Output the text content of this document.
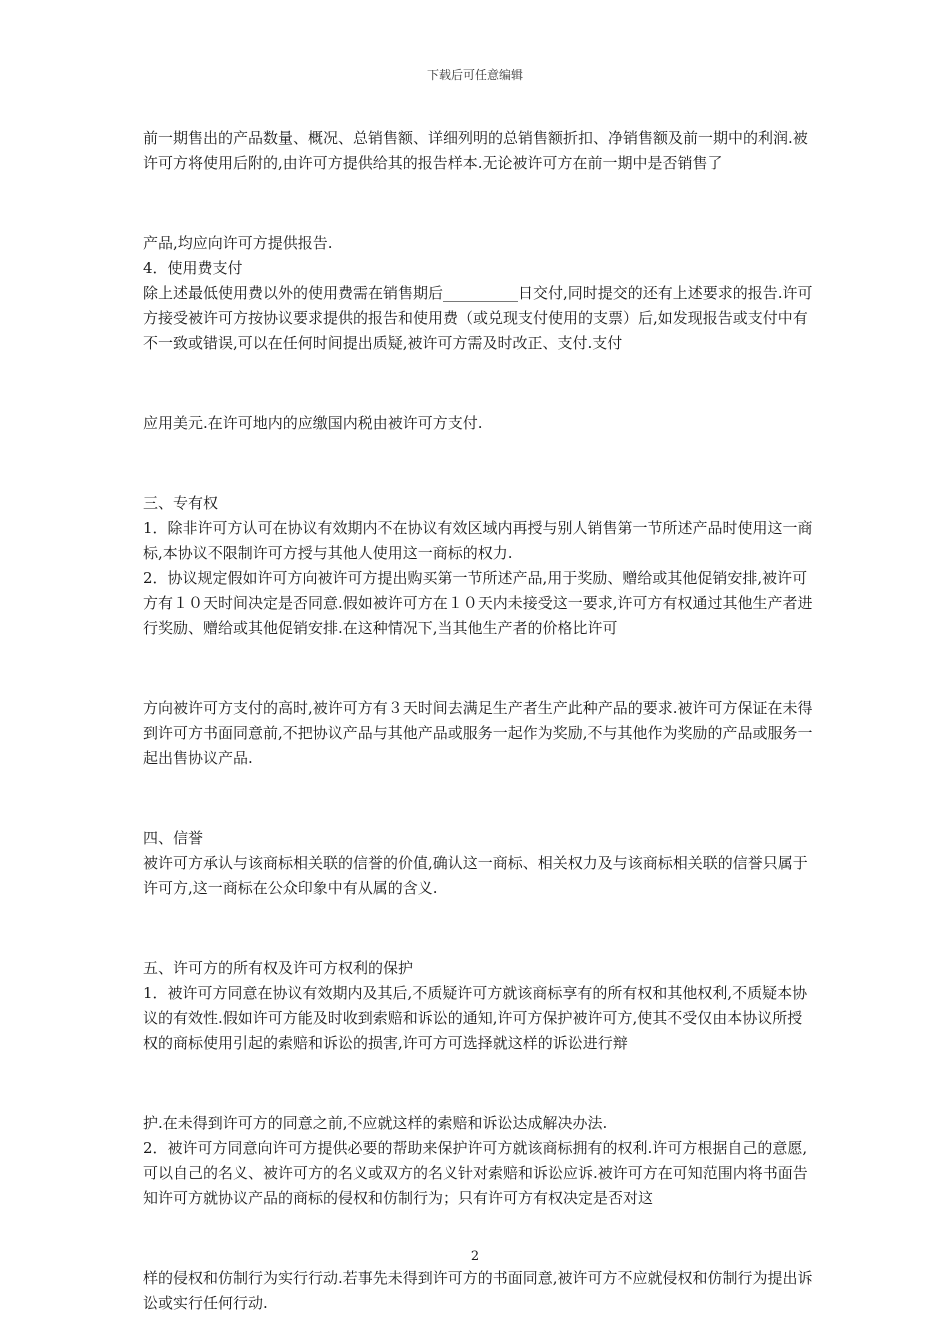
下载后可任意编辑

前一期售出的产品数量、概况、总销售额、详细列明的总销售额折扣、净销售额及前一期中的利润.被许可方将使用后附的,由许可方提供给其的报告样本.无论被许可方在前一期中是否销售了

产品,均应向许可方提供报告.

4．使用费支付

除上述最低使用费以外的使用费需在销售期后__________日交付,同时提交的还有上述要求的报告.许可方接受被许可方按协议要求提供的报告和使用费（或兑现支付使用的支票）后,如发现报告或支付中有不一致或错误,可以在任何时间提出质疑,被许可方需及时改正、支付.支付

应用美元.在许可地内的应缴国内税由被许可方支付.

三、专有权

1．除非许可方认可在协议有效期内不在协议有效区域内再授与别人销售第一节所述产品时使用这一商标,本协议不限制许可方授与其他人使用这一商标的权力.

2．协议规定假如许可方向被许可方提出购买第一节所述产品,用于奖励、赠给或其他促销安排,被许可方有１０天时间决定是否同意.假如被许可方在１０天内未接受这一要求,许可方有权通过其他生产者进行奖励、赠给或其他促销安排.在这种情况下,当其他生产者的价格比许可

方向被许可方支付的高时,被许可方有３天时间去满足生产者生产此种产品的要求.被许可方保证在未得到许可方书面同意前,不把协议产品与其他产品或服务一起作为奖励,不与其他作为奖励的产品或服务一起出售协议产品.

四、信誉

被许可方承认与该商标相关联的信誉的价值,确认这一商标、相关权力及与该商标相关联的信誉只属于许可方,这一商标在公众印象中有从属的含义.

五、许可方的所有权及许可方权利的保护

1．被许可方同意在协议有效期内及其后,不质疑许可方就该商标享有的所有权和其他权利,不质疑本协议的有效性.假如许可方能及时收到索赔和诉讼的通知,许可方保护被许可方,使其不受仅由本协议所授权的商标使用引起的索赔和诉讼的损害,许可方可选择就这样的诉讼进行辩

护.在未得到许可方的同意之前,不应就这样的索赔和诉讼达成解决办法.

2．被许可方同意向许可方提供必要的帮助来保护许可方就该商标拥有的权利.许可方根据自己的意愿,可以自己的名义、被许可方的名义或双方的名义针对索赔和诉讼应诉.被许可方在可知范围内将书面告知许可方就协议产品的商标的侵权和仿制行为；只有许可方有权决定是否对这

样的侵权和仿制行为实行行动.若事先未得到许可方的书面同意,被许可方不应就侵权和仿制行为提出诉讼或实行任何行动.

2
